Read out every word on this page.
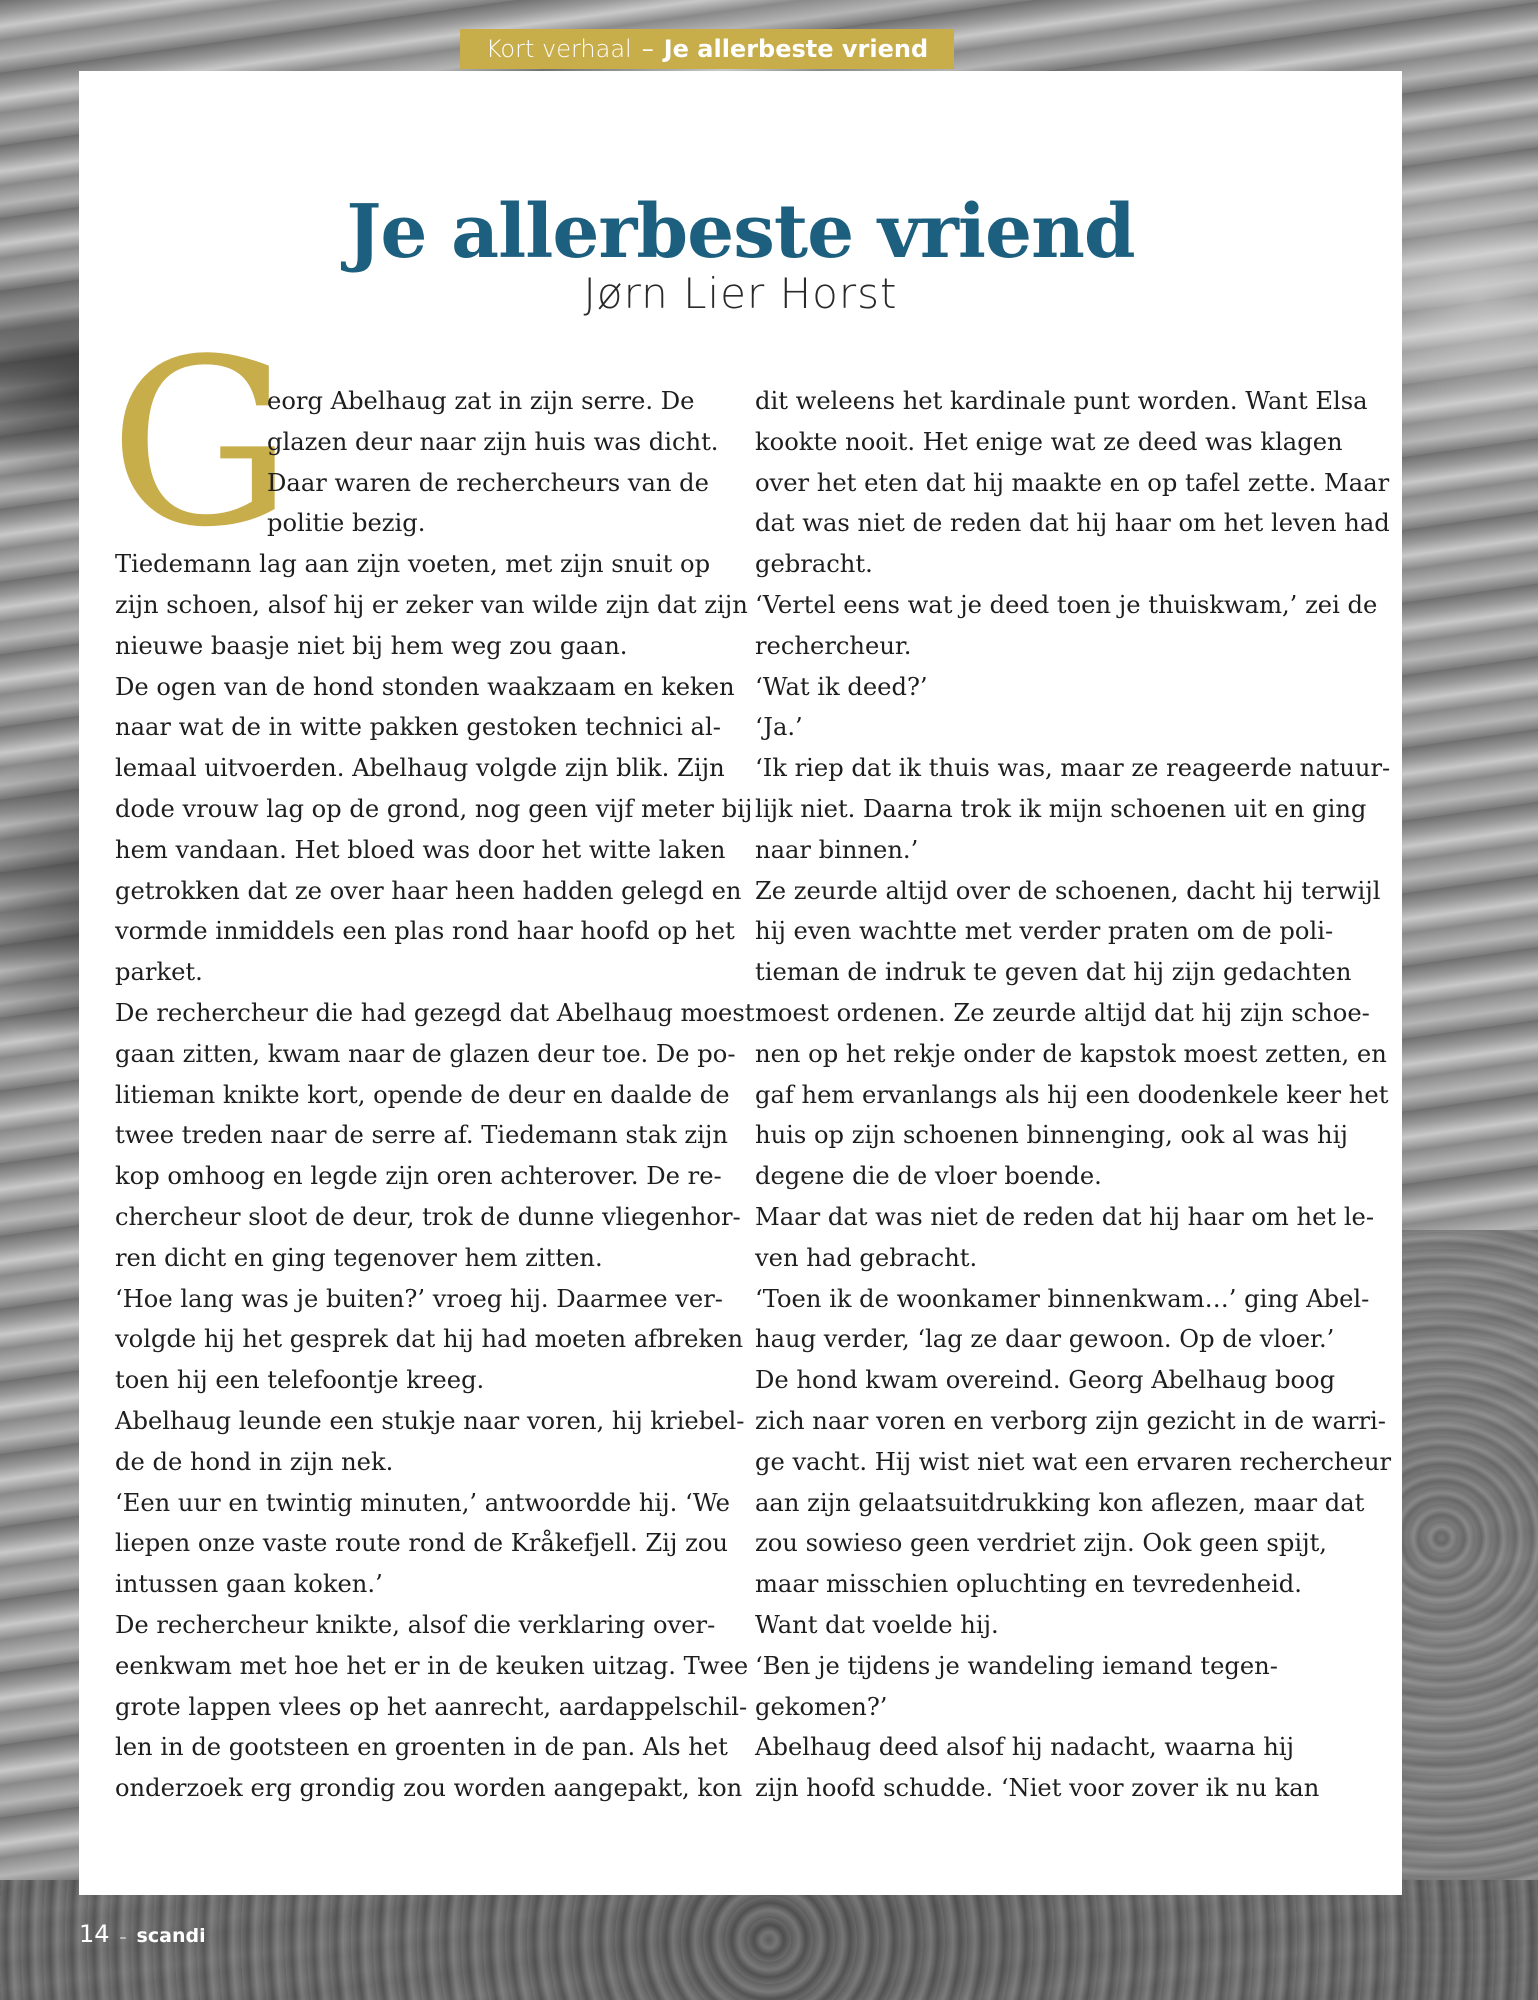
Kort verhaal – Je allerbeste vriend
Je allerbeste vriend
Jørn Lier Horst
G
eorg Abelhaug zat in zijn serre. De
glazen deur naar zijn huis was dicht.
Daar waren de rechercheurs van de
politie bezig.
Tiedemann lag aan zijn voeten, met zijn snuit op
zijn schoen, alsof hij er zeker van wilde zijn dat zijn
nieuwe baasje niet bij hem weg zou gaan.
De ogen van de hond stonden waakzaam en keken
naar wat de in witte pakken gestoken technici al-
lemaal uitvoerden. Abelhaug volgde zijn blik. Zijn
dode vrouw lag op de grond, nog geen vijf meter bij
hem vandaan. Het bloed was door het witte laken
getrokken dat ze over haar heen hadden gelegd en
vormde inmiddels een plas rond haar hoofd op het
parket.
De rechercheur die had gezegd dat Abelhaug moest
gaan zitten, kwam naar de glazen deur toe. De po-
litieman knikte kort, opende de deur en daalde de
twee treden naar de serre af. Tiedemann stak zijn
kop omhoog en legde zijn oren achterover. De re-
chercheur sloot de deur, trok de dunne vliegenhor-
ren dicht en ging tegenover hem zitten.
‘Hoe lang was je buiten?’ vroeg hij. Daarmee ver-
volgde hij het gesprek dat hij had moeten afbreken
toen hij een telefoontje kreeg.
Abelhaug leunde een stukje naar voren, hij kriebel-
de de hond in zijn nek.
‘Een uur en twintig minuten,’ antwoordde hij. ‘We
liepen onze vaste route rond de Kråkefjell. Zij zou
intussen gaan koken.’
De rechercheur knikte, alsof die verklaring over-
eenkwam met hoe het er in de keuken uitzag. Twee
grote lappen vlees op het aanrecht, aardappelschil-
len in de gootsteen en groenten in de pan. Als het
onderzoek erg grondig zou worden aangepakt, kon
dit weleens het kardinale punt worden. Want Elsa
kookte nooit. Het enige wat ze deed was klagen
over het eten dat hij maakte en op tafel zette. Maar
dat was niet de reden dat hij haar om het leven had
gebracht.
‘Vertel eens wat je deed toen je thuiskwam,’ zei de
rechercheur.
‘Wat ik deed?’
‘Ja.’
‘Ik riep dat ik thuis was, maar ze reageerde natuur-
lijk niet. Daarna trok ik mijn schoenen uit en ging
naar binnen.’
Ze zeurde altijd over de schoenen, dacht hij terwijl
hij even wachtte met verder praten om de poli-
tieman de indruk te geven dat hij zijn gedachten
moest ordenen. Ze zeurde altijd dat hij zijn schoe-
nen op het rekje onder de kapstok moest zetten, en
gaf hem ervanlangs als hij een doodenkele keer het
huis op zijn schoenen binnenging, ook al was hij
degene die de vloer boende.
Maar dat was niet de reden dat hij haar om het le-
ven had gebracht.
‘Toen ik de woonkamer binnenkwam…’ ging Abel-
haug verder, ‘lag ze daar gewoon. Op de vloer.’
De hond kwam overeind. Georg Abelhaug boog
zich naar voren en verborg zijn gezicht in de warri-
ge vacht. Hij wist niet wat een ervaren rechercheur
aan zijn gelaatsuitdrukking kon aflezen, maar dat
zou sowieso geen verdriet zijn. Ook geen spijt,
maar misschien opluchting en tevredenheid.
Want dat voelde hij.
‘Ben je tijdens je wandeling iemand tegen-
gekomen?’
Abelhaug deed alsof hij nadacht, waarna hij
zijn hoofd schudde. ‘Niet voor zover ik nu kan
14 – scandi
